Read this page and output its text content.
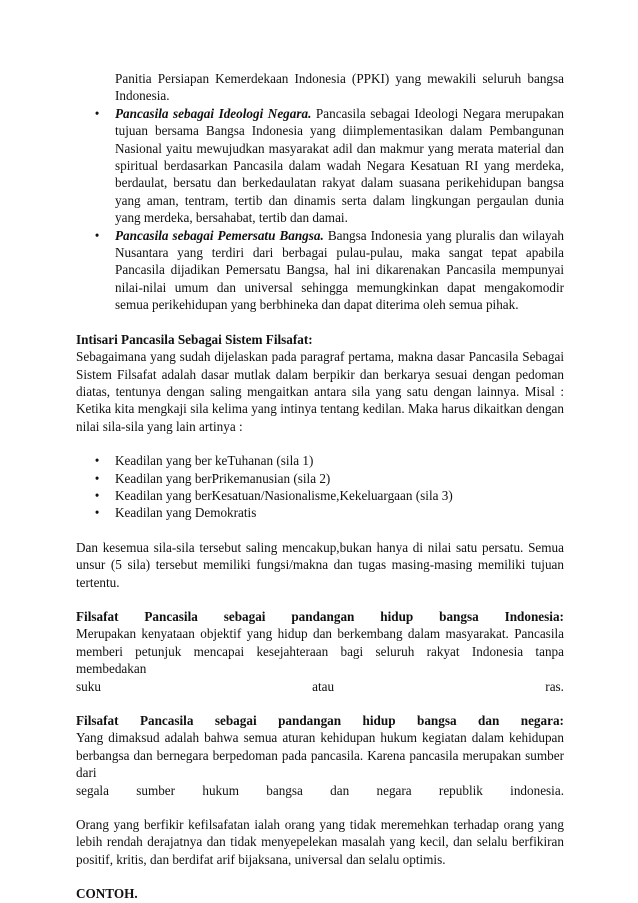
Panitia Persiapan Kemerdekaan Indonesia (PPKI) yang mewakili seluruh bangsa Indonesia.

• Pancasila sebagai Ideologi Negara. Pancasila sebagai Ideologi Negara merupakan tujuan bersama Bangsa Indonesia yang diimplementasikan dalam Pembangunan Nasional yaitu mewujudkan masyarakat adil dan makmur yang merata material dan spiritual berdasarkan Pancasila dalam wadah Negara Kesatuan RI yang merdeka, berdaulat, bersatu dan berkedaulatan rakyat dalam suasana perikehidupan bangsa yang aman, tentram, tertib dan dinamis serta dalam lingkungan pergaulan dunia yang merdeka, bersahabat, tertib dan damai.
• Pancasila sebagai Pemersatu Bangsa. Bangsa Indonesia yang pluralis dan wilayah Nusantara yang terdiri dari berbagai pulau-pulau, maka sangat tepat apabila Pancasila dijadikan Pemersatu Bangsa, hal ini dikarenakan Pancasila mempunyai nilai-nilai umum dan universal sehingga memungkinkan dapat mengakomodir semua perikehidupan yang berbhineka dan dapat diterima oleh semua pihak.

Intisari Pancasila Sebagai Sistem Filsafat:

Sebagaimana yang sudah dijelaskan pada paragraf pertama, makna dasar Pancasila Sebagai Sistem Filsafat adalah dasar mutlak dalam berpikir dan berkarya sesuai dengan pedoman diatas, tentunya dengan saling mengaitkan antara sila yang satu dengan lainnya. Misal : Ketika kita mengkaji sila kelima yang intinya tentang kedilan. Maka harus dikaitkan dengan nilai sila-sila yang lain artinya :

• Keadilan yang ber keTuhanan (sila 1)
• Keadilan yang berPrikemanusian (sila 2)
• Keadilan yang berKesatuan/Nasionalisme,Kekeluargaan (sila 3)
• Keadilan yang Demokratis

Dan kesemua sila-sila tersebut saling mencakup,bukan hanya di nilai satu persatu. Semua unsur (5 sila) tersebut memiliki fungsi/makna dan tugas masing-masing memiliki tujuan tertentu.

Filsafat Pancasila sebagai pandangan hidup bangsa Indonesia:

Merupakan kenyataan objektif yang hidup dan berkembang dalam masyarakat. Pancasila memberi petunjuk mencapai kesejahteraan bagi seluruh rakyat Indonesia tanpa membedakan

suku	atau	ras.
Filsafat Pancasila sebagai pandangan hidup bangsa dan negara:

Yang dimaksud adalah bahwa semua aturan kehidupan hukum kegiatan dalam kehidupan berbangsa dan bernegara berpedoman pada pancasila. Karena pancasila merupakan sumber dari

segala sumber hukum bangsa dan negara republik indonesia.

Orang yang berfikir kefilsafatan ialah orang yang tidak meremehkan terhadap orang yang lebih rendah derajatnya dan tidak menyepelekan masalah yang kecil, dan selalu berfikiran positif, kritis, dan berdifat arif bijaksana, universal dan selalu optimis.

CONTOH.
